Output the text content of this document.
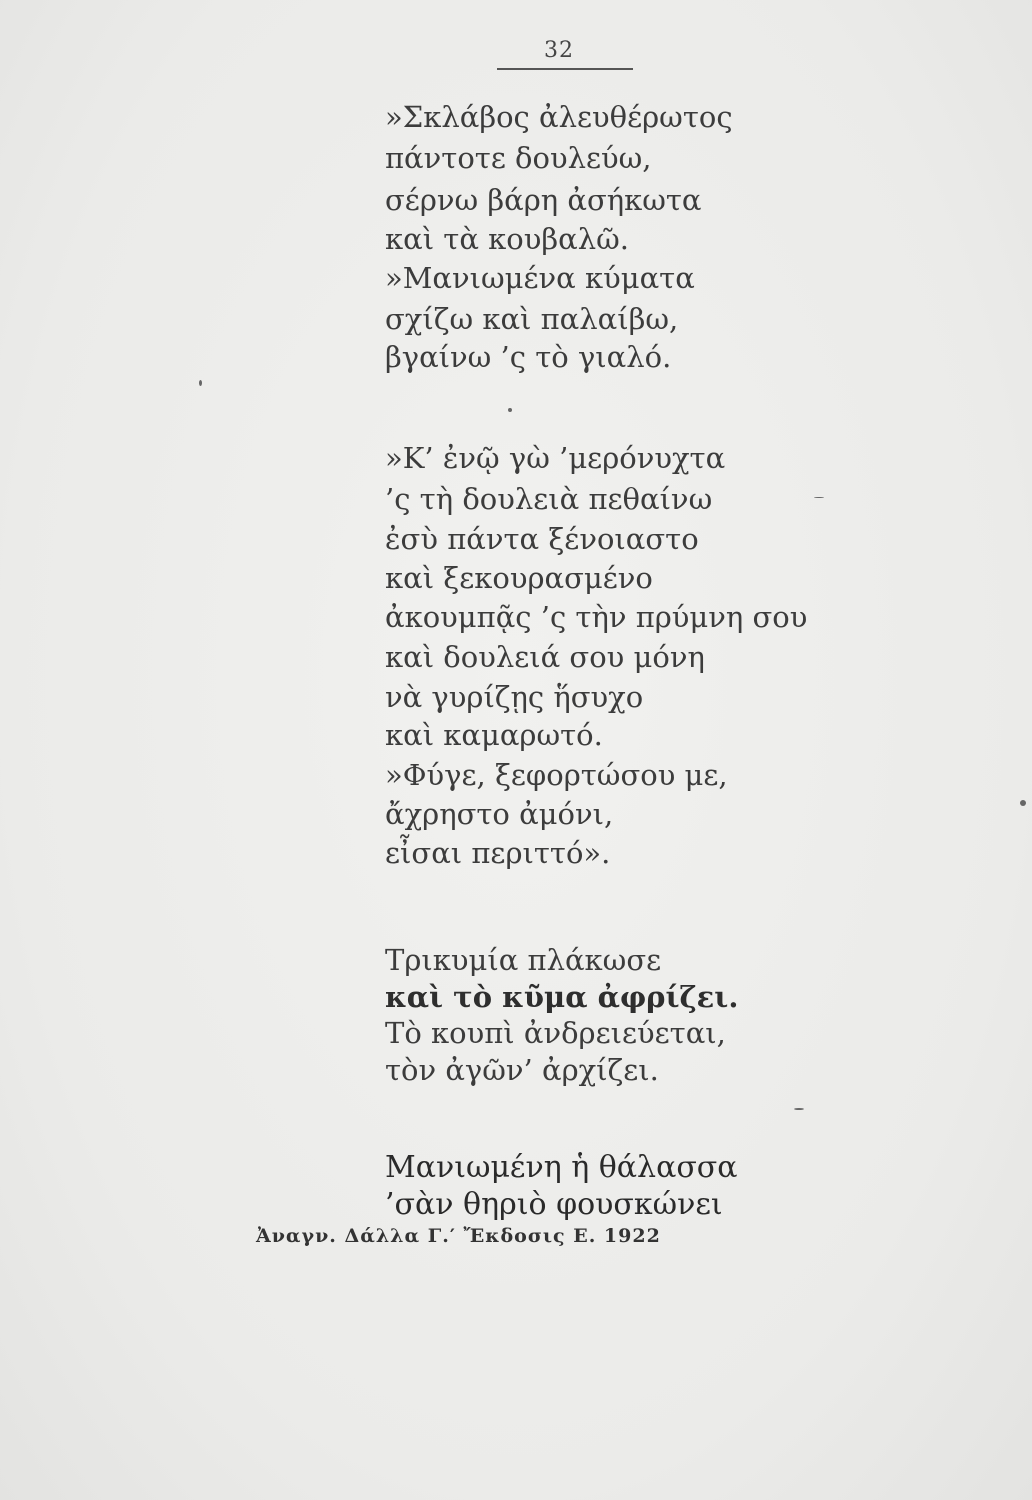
32
»Σκλάβος ἀλευθέρωτος
πάντοτε δουλεύω,
σέρνω βάρη ἀσήκωτα
καὶ τὰ κουβαλῶ.
»Μανιωμένα κύματα
σχίζω καὶ παλαίβω,
βγαίνω ’ς τὸ γιαλό.
»Κ’ ἐνῷ γὼ ’μερόνυχτα
’ς τὴ δουλειὰ πεθαίνω
ἐσὺ πάντα ξένοιαστο
καὶ ξεκουρασμένο
ἀκουμπᾷς ’ς τὴν πρύμνη σου
καὶ δουλειά σου μόνη
νὰ γυρίζῃς ἥσυχο
καὶ καμαρωτό.
»Φύγε, ξεφορτώσου με,
ἄχρηστο ἀμόνι,
εἶσαι περιττό».
Τρικυμία πλάκωσε
καὶ τὸ κῦμα ἀφρίζει.
Τὸ κουπὶ ἀνδρειεύεται,
τὸν ἀγῶν’ ἀρχίζει.
Μανιωμένη ἡ θάλασσα
’σὰν θηριὸ φουσκώνει
Ἀναγν. Δάλλα Γ.′ Ἔκδοσις Ε. 1922
